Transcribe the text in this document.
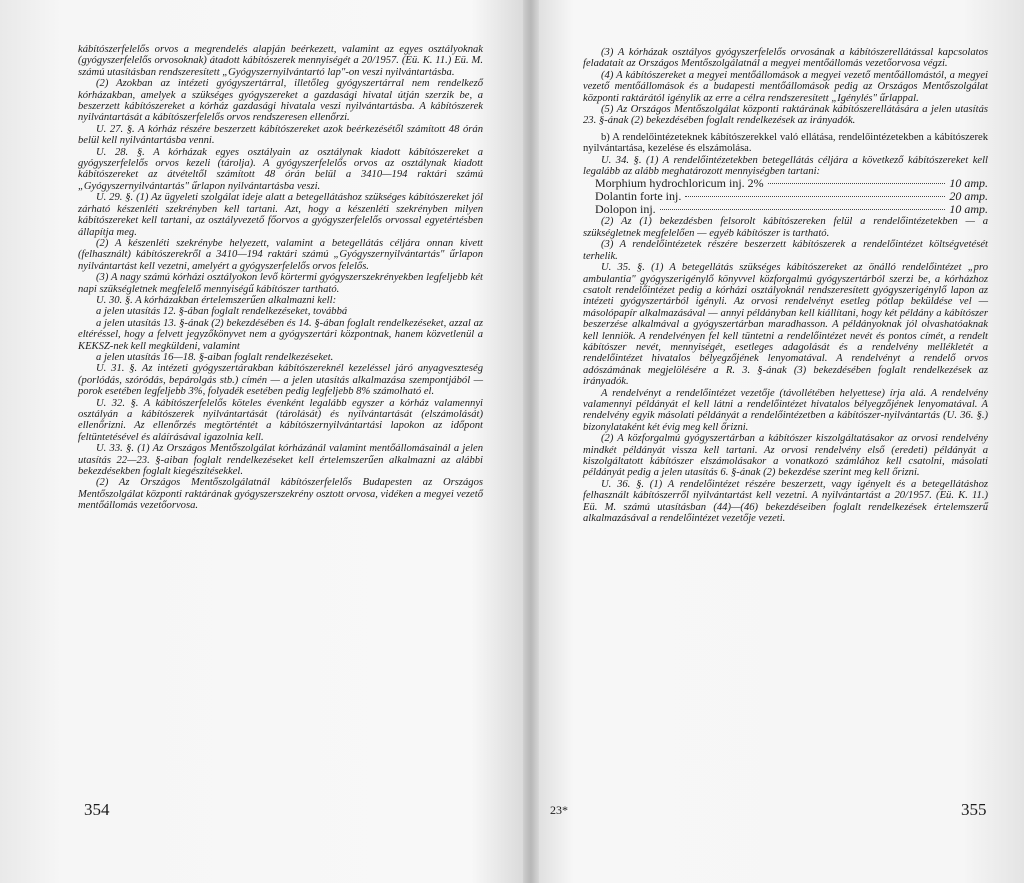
kábítószerfelelős orvos a megrendelés alapján beérkezett, valamint az egyes osztályoknak (gyógyszerfelelős orvosoknak) átadott kábítószerek mennyiségét a 20/1957. (Eü. K. 11.) Eü. M. számú utasításban rendszeresített „Gyógyszernyilvántartó lap"-on veszi nyilvántartásba.

(2) Azokban az intézeti gyógyszertárral, illetőleg gyógyszertárral nem rendelkező kórházakban, amelyek a szükséges gyógyszereket a gazdasági hivatal útján szerzik be, a beszerzett kábítószereket a kórház gazdasági hivatala veszi nyilvántartásba. A kábítószerek nyilvántartását a kábítószerfelelős orvos rendszeresen ellenőrzi.

U. 27. §. A kórház részére beszerzett kábítószereket azok beérkezésétől számított 48 órán belül kell nyilvántartásba venni.

U. 28. §. A kórházak egyes osztályain az osztálynak kiadott kábítószereket a gyógyszerfelelős orvos kezeli (tárolja). A gyógyszerfelelős orvos az osztálynak kiadott kábítószereket az átvételtől számított 48 órán belül a 3410—194 raktári számú „Gyógyszernyilvántartás" űrlapon nyilvántartásba veszi.

U. 29. §. (1) Az ügyeleti szolgálat ideje alatt a betegellátáshoz szükséges kábítószereket jól zárható készenléti szekrényben kell tartani. Azt, hogy a készenléti szekrényben milyen kábítószereket kell tartani, az osztályvezető főorvos a gyógyszerfelelős orvossal egyetértésben állapítja meg.

(2) A készenléti szekrénybe helyezett, valamint a betegellátás céljára onnan kivett (felhasznált) kábítószerekről a 3410—194 raktári számú „Gyógyszernyilvántartás" űrlapon nyilvántartást kell vezetni, amelyért a gyógyszerfelelős orvos felelős.

(3) A nagy számú kórházi osztályokon levő körtermi gyógyszerszekrényekben legfeljebb két napi szükségletnek megfelelő mennyiségű kábítószer tartható.

U. 30. §. A kórházakban értelemszerűen alkalmazni kell:

a jelen utasítás 12. §-ában foglalt rendelkezéseket, továbbá

a jelen utasítás 13. §-ának (2) bekezdésében és 14. §-ában foglalt rendelkezéseket, azzal az eltéréssel, hogy a felvett jegyzőkönyvet nem a gyógyszertári központnak, hanem közvetlenül a KEKSZ-nek kell megküldeni, valamint

a jelen utasítás 16—18. §-aiban foglalt rendelkezéseket.

U. 31. §. Az intézeti gyógyszertárakban kábítószereknél kezeléssel járó anyagveszteség (porlódás, szóródás, bepárolgás stb.) címén — a jelen utasítás alkalmazása szempontjából — porok esetében legfeljebb 3%, folyadék esetében pedig legfeljebb 8% számolható el.

U. 32. §. A kábítószerfelelős köteles évenként legalább egyszer a kórház valamennyi osztályán a kábítószerek nyilvántartását (tárolását) és nyilvántartását (elszámolását) ellenőrizni. Az ellenőrzés megtörténtét a kábítószernyilvántartási lapokon az időpont feltüntetésével és aláírásával igazolnia kell.

U. 33. §. (1) Az Országos Mentőszolgálat kórházánál valamint mentőállomásainál a jelen utasítás 22—23. §-aiban foglalt rendelkezéseket kell értelemszerűen alkalmazni az alábbi bekezdésekben foglalt kiegészítésekkel.

(2) Az Országos Mentőszolgálatnál kábítószerfelelős Budapesten az Országos Mentőszolgálat központi raktárának gyógyszerszekrény osztott orvosa, vidéken a megyei vezető mentőállomás vezetőorvosa.

354

(3) A kórházak osztályos gyógyszerfelelős orvosának a kábítószerellátással kapcsolatos feladatait az Országos Mentőszolgálatnál a megyei mentőállomás vezetőorvosa végzi.

(4) A kábítószereket a megyei mentőállomások a megyei vezető mentőállomástól, a megyei vezető mentőállomások és a budapesti mentőállomások pedig az Országos Mentőszolgálat központi raktárától igénylik az erre a célra rendszeresített „Igénylés" űrlappal.

(5) Az Országos Mentőszolgálat központi raktárának kábítószerellátására a jelen utasítás 23. §-ának (2) bekezdésében foglalt rendelkezések az irányadók.

b) A rendelőintézeteknek kábítószerekkel való ellátása, rendelőintézetekben a kábítószerek nyilvántartása, kezelése és elszámolása.

U. 34. §. (1) A rendelőintézetekben betegellátás céljára a következő kábítószereket kell legalább az alább meghatározott mennyiségben tartani:

Morphium hydrochloricum inj. 2%	10 amp.
Dolantin forte inj.	20 amp.
Dolopon inj.	10 amp.

(2) Az (1) bekezdésben felsorolt kábítószereken felül a rendelőintézetekben — a szükségletnek megfelelően — egyéb kábítószer is tartható.

(3) A rendelőintézetek részére beszerzett kábítószerek a rendelőintézet költségvetését terhelik.

U. 35. §. (1) A betegellátás szükséges kábítószereket az önálló rendelőintézet „pro ambulantia" gyógyszerigénylő könyvvel közforgalmú gyógyszertárból szerzi be, a kórházhoz csatolt rendelőintézet pedig a kórházi osztályoknál rendszeresített gyógyszerigénylő lapon az intézeti gyógyszertárból igényli. Az orvosi rendelvényt esetleg pótlap beküldése vel — másolópapír alkalmazásával — annyi példányban kell kiállítani, hogy két példány a kábítószer beszerzése alkalmával a gyógyszertárban maradhasson. A példányoknak jól olvashatóaknak kell lenniök. A rendelvényen fel kell tüntetni a rendelőintézet nevét és pontos címét, a rendelt kábítószer nevét, mennyiségét, esetleges adagolását és a rendelvény mellékletét a rendelőintézet hivatalos bélyegzőjének lenyomatával. A rendelvényt a rendelő orvos adószámának megjelölésére a R. 3. §-ának (3) bekezdésében foglalt rendelkezések az irányadók.

A rendelvényt a rendelőintézet vezetője (távollétében helyettese) írja alá. A rendelvény valamennyi példányát el kell látni a rendelőintézet hivatalos bélyegzőjének lenyomatával. A rendelvény egyik másolati példányát a rendelőintézetben a kábítószer-nyilvántartás (U. 36. §.) bizonylataként két évig meg kell őrizni.

(2) A közforgalmú gyógyszertárban a kábítószer kiszolgáltatásakor az orvosi rendelvény mindkét példányát vissza kell tartani. Az orvosi rendelvény első (eredeti) példányát a kiszolgáltatott kábítószer elszámolásakor a vonatkozó számlához kell csatolni, másolati példányát pedig a jelen utasítás 6. §-ának (2) bekezdése szerint meg kell őrizni.

U. 36. §. (1) A rendelőintézet részére beszerzett, vagy igényelt és a betegellátáshoz felhasznált kábítószerről nyilvántartást kell vezetni. A nyilvántartást a 20/1957. (Eü. K. 11.) Eü. M. számú utasításban (44)—(46) bekezdéseiben foglalt rendelkezések értelemszerű alkalmazásával a rendelőintézet vezetője vezeti.

23*	355
